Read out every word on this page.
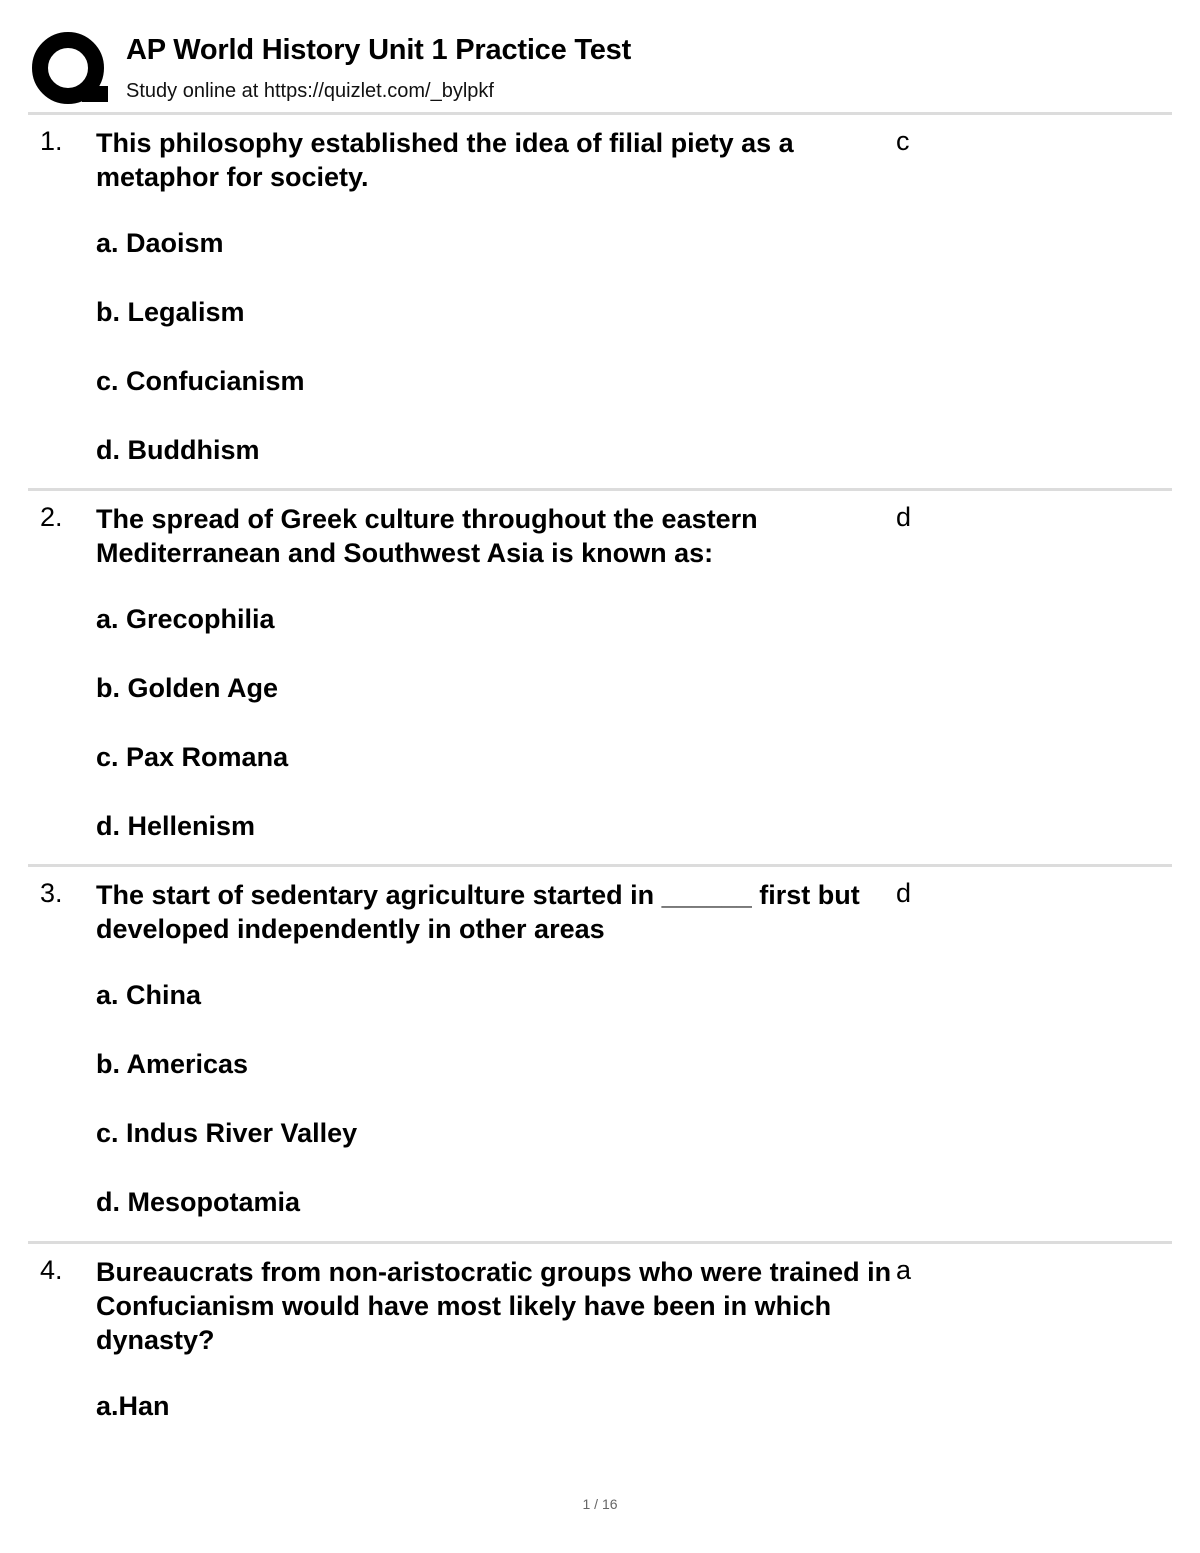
AP World History Unit 1 Practice Test
Study online at https://quizlet.com/_bylpkf
1. This philosophy established the idea of filial piety as a metaphor for society.
c
a. Daoism
b. Legalism
c. Confucianism
d. Buddhism
2. The spread of Greek culture throughout the eastern Mediterranean and Southwest Asia is known as:
d
a. Grecophilia
b. Golden Age
c. Pax Romana
d. Hellenism
3. The start of sedentary agriculture started in ______ first but developed independently in other areas
d
a. China
b. Americas
c. Indus River Valley
d. Mesopotamia
4. Bureaucrats from non-aristocratic groups who were trained in Confucianism would have most likely have been in which dynasty?
a
a.Han
1 / 16
